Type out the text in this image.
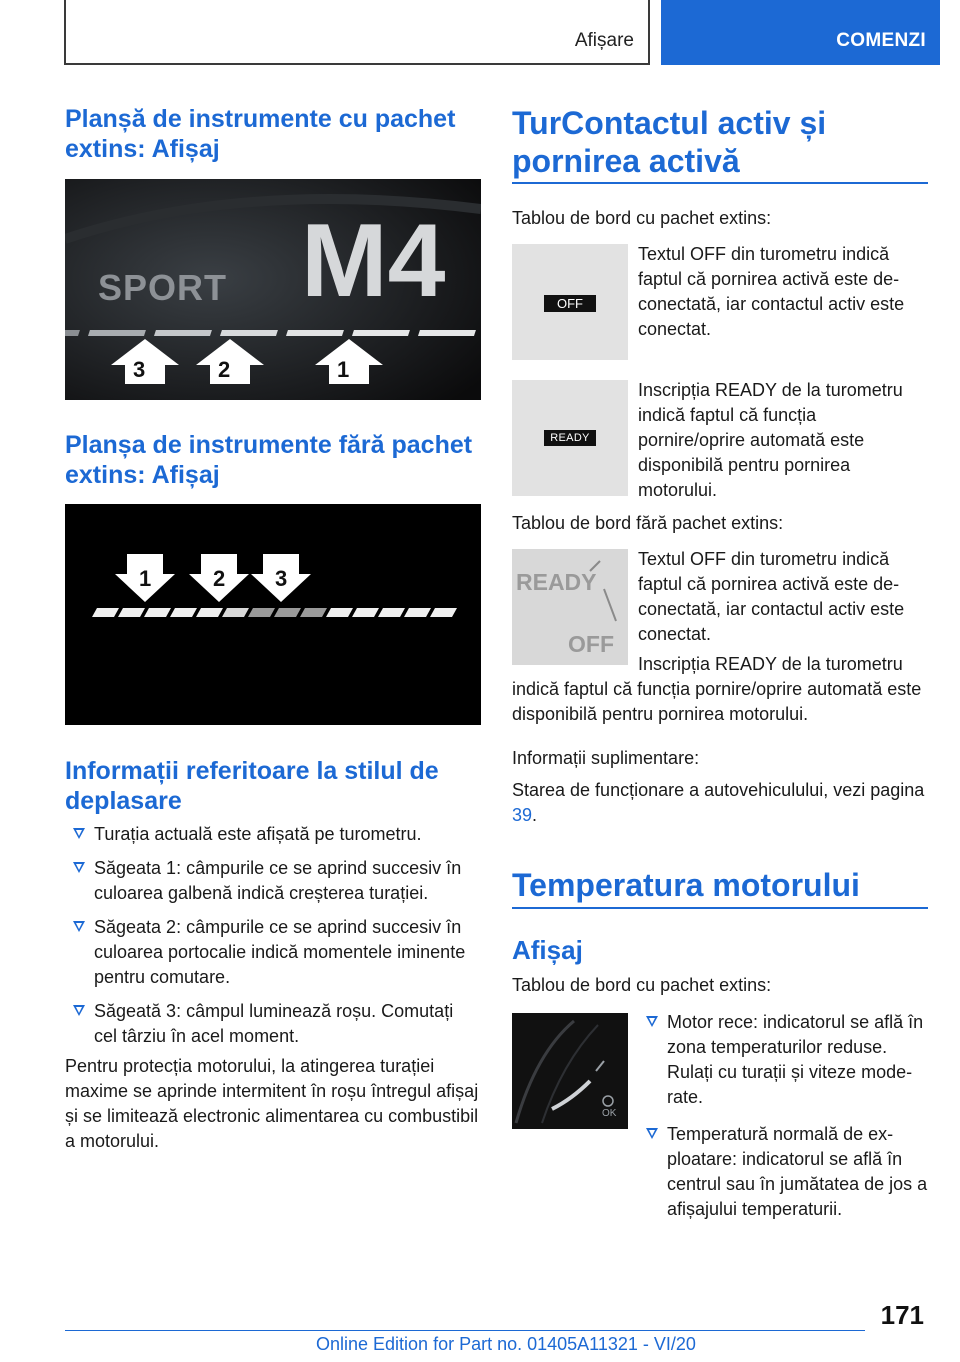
Afișare	COMENZI
Planșă de instrumente cu pachet extins: Afișaj
SPORT M4
3	2	1
Planșa de instrumente fără pachet extins: Afișaj
1	2 3
Informații referitoare la stilul de deplasare
Turația actuală este afișată pe turometru.
Săgeata 1: câmpurile ce se aprind succesiv în culoarea galbenă indică creșterea turației.
Săgeata 2: câmpurile ce se aprind succesiv în culoarea portocalie indică momentele iminente pentru comutare.
Săgeată 3: câmpul luminează roșu. Comutați cel târziu în acel moment.

Pentru protecția motorului, la atingerea turației maxime se aprinde intermitent în roșu întregul afișaj și se limitează electronic alimentarea cu combustibil a motorului.

TurContactul activ și pornirea activă

Tablou de bord cu pachet extins:

OFF

Textul OFF din turometru indică faptul că pornirea activă este deconectată, iar contactul activ este conectat.

READY

Inscripția READY de la turometru indică faptul că funcția pornire/oprire automată este disponibilă pentru pornirea motorului.

Tablou de bord fără pachet extins:

READY
OFF

Textul OFF din turometru indică faptul că pornirea activă este deconectată, iar contactul activ este conectat.

Inscripția READY de la turometru indică faptul că funcția pornire/oprire automată este disponibilă pentru pornirea motorului.

Informații suplimentare:

Starea de funcționare a autovehiculului, vezi pagina 39.

Temperatura motorului
Afișaj

Tablou de bord cu pachet extins:

OK
Motor rece: indicatorul se află în zona temperaturilor reduse. Rulați cu turații și viteze moderate.
Temperatură normală de exploatare: indicatorul se află în centrul sau în jumătatea de jos a afișajului temperaturii.
171
Online Edition for Part no. 01405A11321 - VI/20
